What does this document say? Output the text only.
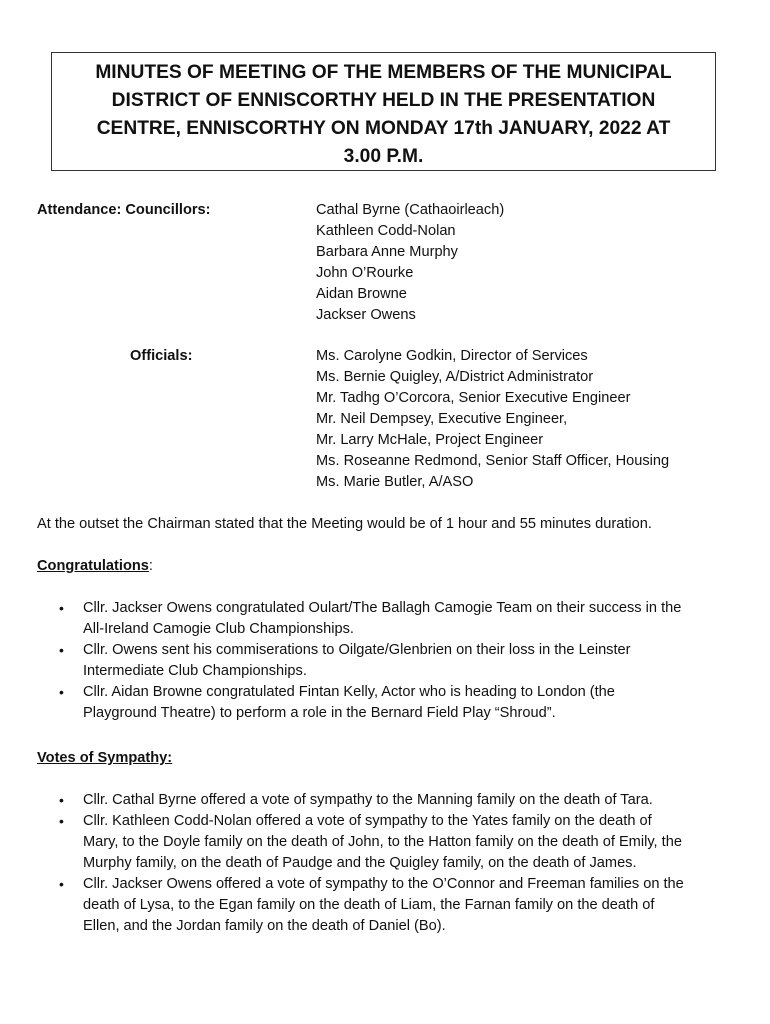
MINUTES OF MEETING OF THE MEMBERS OF THE MUNICIPAL
DISTRICT OF ENNISCORTHY HELD IN THE PRESENTATION
CENTRE, ENNISCORTHY ON MONDAY 17th JANUARY, 2022 AT
3.00 P.M.
Attendance: Councillors:	Cathal Byrne (Cathaoirleach)
Kathleen Codd-Nolan
Barbara Anne Murphy
John O’Rourke
Aidan Browne
Jackser Owens
Officials:	Ms. Carolyne Godkin, Director of Services
Ms. Bernie Quigley, A/District Administrator
Mr. Tadhg O’Corcora, Senior Executive Engineer
Mr. Neil Dempsey, Executive Engineer,
Mr. Larry McHale, Project Engineer
Ms. Roseanne Redmond, Senior Staff Officer, Housing
Ms. Marie Butler, A/ASO
At the outset the Chairman stated that the Meeting would be of 1 hour and 55 minutes duration.
Congratulations:
• Cllr. Jackser Owens congratulated Oulart/The Ballagh Camogie Team on their success in the
All-Ireland Camogie Club Championships.
• Cllr. Owens sent his commiserations to Oilgate/Glenbrien on their loss in the Leinster
Intermediate Club Championships.
• Cllr. Aidan Browne congratulated Fintan Kelly, Actor who is heading to London (the
Playground Theatre) to perform a role in the Bernard Field Play “Shroud”.
Votes of Sympathy:
• Cllr. Cathal Byrne offered a vote of sympathy to the Manning family on the death of Tara.
• Cllr. Kathleen Codd-Nolan offered a vote of sympathy to the Yates family on the death of
Mary, to the Doyle family on the death of John, to the Hatton family on the death of Emily, the
Murphy family, on the death of Paudge and the Quigley family, on the death of James.
• Cllr. Jackser Owens offered a vote of sympathy to the O’Connor and Freeman families on the
death of Lysa, to the Egan family on the death of Liam, the Farnan family on the death of
Ellen, and the Jordan family on the death of Daniel (Bo).
